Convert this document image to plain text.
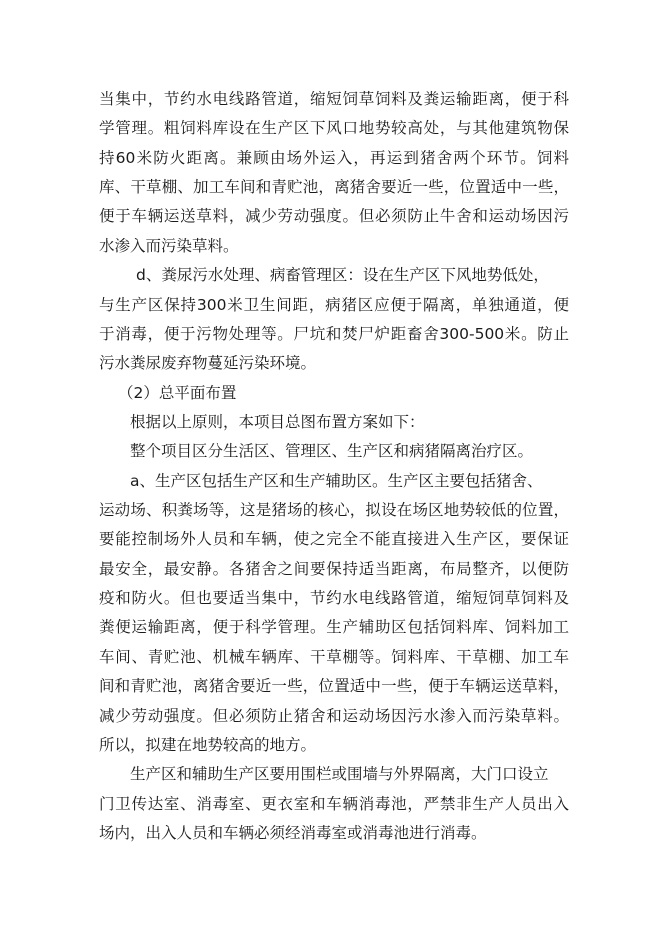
当集中，节约水电线路管道，缩短饲草饲料及粪运输距离，便于科

学管理。粗饲料库设在生产区下风口地势较高处，与其他建筑物保

持60米防火距离。兼顾由场外运入，再运到猪舍两个环节。饲料

库、干草棚、加工车间和青贮池，离猪舍要近一些，位置适中一些，

便于车辆运送草料，减少劳动强度。但必须防止牛舍和运动场因污

水渗入而污染草料。

d、粪尿污水处理、病畜管理区：设在生产区下风地势低处，

与生产区保持300米卫生间距，病猪区应便于隔离，单独通道，便

于消毒，便于污物处理等。尸坑和焚尸炉距畜舍300-500米。防止

污水粪尿废弃物蔓延污染环境。

（2）总平面布置

根据以上原则，本项目总图布置方案如下：

整个项目区分生活区、管理区、生产区和病猪隔离治疗区。

a、生产区包括生产区和生产辅助区。生产区主要包括猪舍、

运动场、积粪场等，这是猪场的核心，拟设在场区地势较低的位置，

要能控制场外人员和车辆，使之完全不能直接进入生产区，要保证

最安全，最安静。各猪舍之间要保持适当距离，布局整齐，以便防

疫和防火。但也要适当集中，节约水电线路管道，缩短饲草饲料及

粪便运输距离，便于科学管理。生产辅助区包括饲料库、饲料加工

车间、青贮池、机械车辆库、干草棚等。饲料库、干草棚、加工车

间和青贮池，离猪舍要近一些，位置适中一些，便于车辆运送草料，

减少劳动强度。但必须防止猪舍和运动场因污水渗入而污染草料。

所以，拟建在地势较高的地方。

生产区和辅助生产区要用围栏或围墙与外界隔离，大门口设立

门卫传达室、消毒室、更衣室和车辆消毒池，严禁非生产人员出入

场内，出入人员和车辆必须经消毒室或消毒池进行消毒。
